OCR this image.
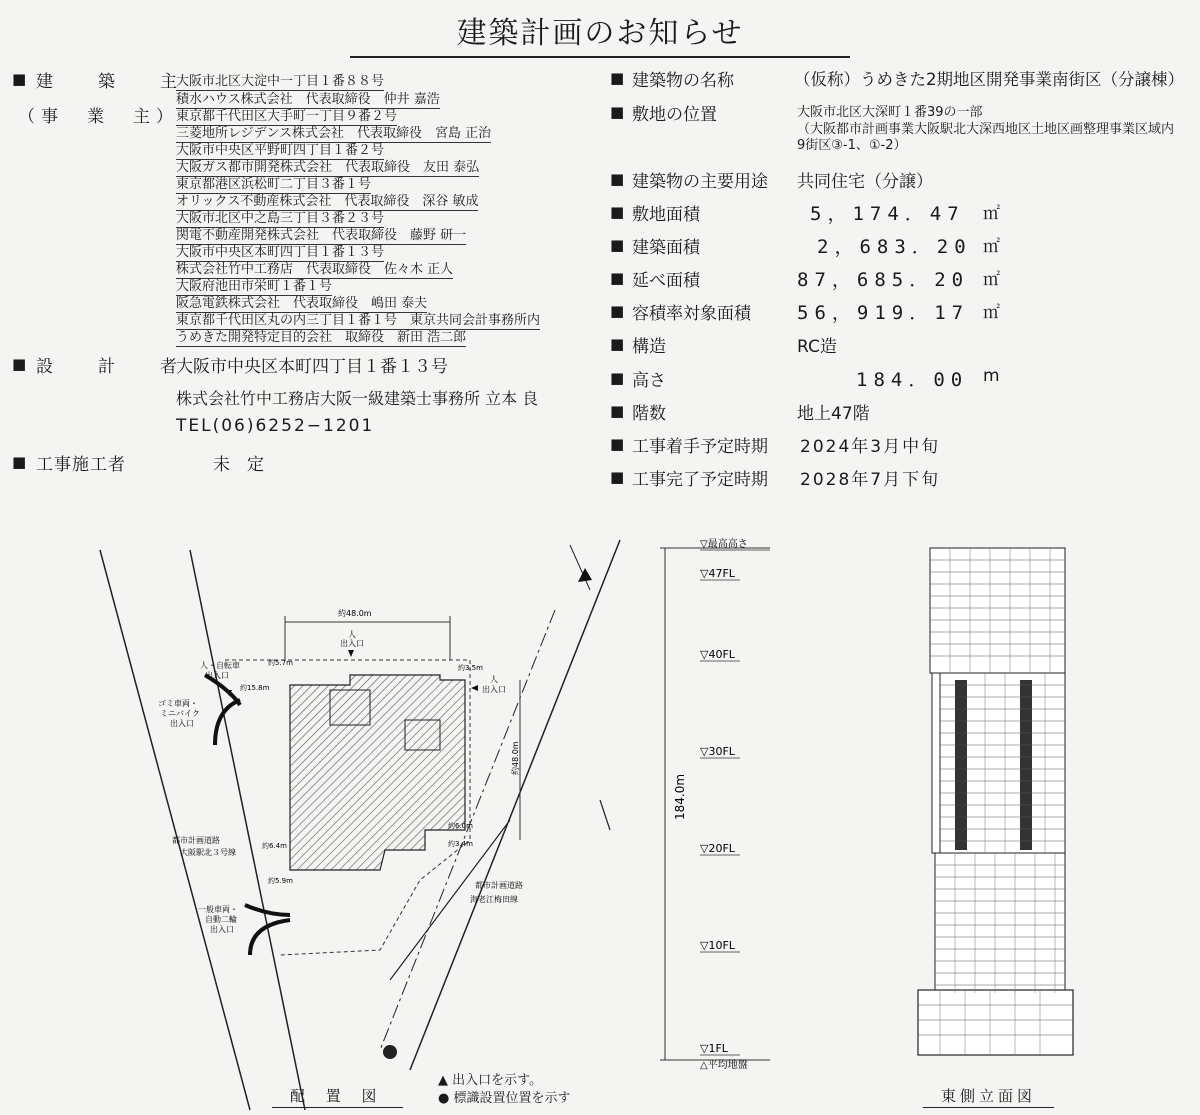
建築計画のお知らせ
■ 建　築　主
（事　業　主）
大阪市北区大淀中一丁目１番８８号
積水ハウス株式会社　代表取締役　仲井 嘉浩
東京都千代田区大手町一丁目９番２号
三菱地所レジデンス株式会社　代表取締役　宮島 正治
大阪市中央区平野町四丁目１番２号
大阪ガス都市開発株式会社　代表取締役　友田 泰弘
東京都港区浜松町二丁目３番１号
オリックス不動産株式会社　代表取締役　深谷 敏成
大阪市北区中之島三丁目３番２３号
関電不動産開発株式会社　代表取締役　藤野 研一
大阪市中央区本町四丁目１番１３号
株式会社竹中工務店　代表取締役　佐々木 正人
大阪府池田市栄町１番１号
阪急電鉄株式会社　代表取締役　嶋田 泰夫
東京都千代田区丸の内三丁目１番１号　東京共同会計事務所内
うめきた開発特定目的会社　取締役　新田 浩二郎
■ 設　計　者
大阪市中央区本町四丁目１番１３号
株式会社竹中工務店大阪一級建築士事務所 立本 良
TEL(06)6252−1201
■ 工事施工者	未　定
■ 建築物の名称	（仮称）うめきた2期地区開発事業南街区（分譲棟）
■ 敷地の位置	大阪市北区大深町１番39の一部
（大阪都市計画事業大阪駅北大深西地区土地区画整理事業区域内
9街区③-1、①-2）
■ 建築物の主要用途 共同住宅（分譲）
■ 敷地面積	5，174．47 ㎡
■ 建築面積	2，683．20 ㎡
■ 延べ面積	87，685．20 ㎡
■ 容積率対象面積 56，919．17 ㎡
■ 構造	RC造
■ 高さ	184．00 m
■ 階数	地上47階
■ 工事着手予定時期 2024年3月中旬
■ 工事完了予定時期 2028年7月下旬
約48.0m
約48.0m
人
出入口
人
出入口
人・自転車
出入口
ゴミ車両・
ミニバイク
出入口
一般車両・
自動二輪
出入口
都市計画道路
大阪駅北３号線
都市計画道路
海老江梅田線
約5.7m
約3.5m
約15.8m
約6.4m
約6.0m
約3.4m
約5.9m
▲ 出入口を示す。
● 標識設置位置を示す
配 置 図
184.0m
▽最高高さ
▽47FL
▽40FL
▽30FL
▽20FL
▽10FL
▽1FL
△平均地盤
東側立面図
